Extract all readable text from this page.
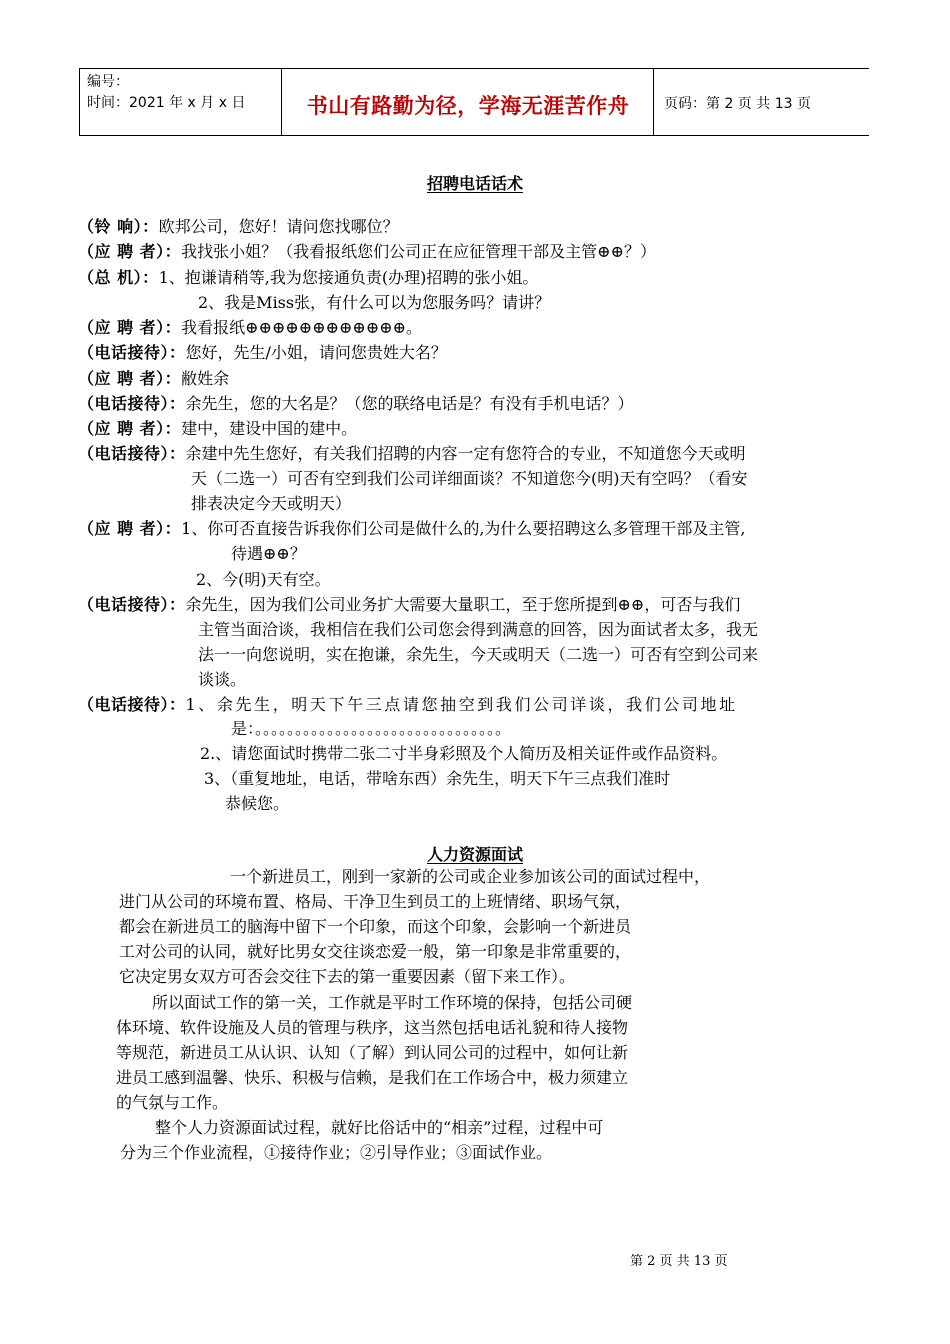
编号：
时间：2021 年 x 月 x 日	书山有路勤为径，学海无涯苦作舟	页码：第 2 页 共 13 页
招聘电话话术
（铃 响）：欧邦公司，您好！请问您找哪位？
（应 聘 者）：我找张小姐？（我看报纸您们公司正在应征管理干部及主管⊕⊕？）
（总 机）：1、抱谦请稍等,我为您接通负责(办理)招聘的张小姐。
2、我是Miss张，有什么可以为您服务吗？请讲？
（应 聘 者）：我看报纸⊕⊕⊕⊕⊕⊕⊕⊕⊕⊕⊕⊕。
（电话接待）：您好，先生/小姐，请问您贵姓大名？
（应 聘 者）：敝姓余
（电话接待）：余先生，您的大名是？（您的联络电话是？有没有手机电话？）
（应 聘 者）：建中，建设中国的建中。
（电话接待）：余建中先生您好，有关我们招聘的内容一定有您符合的专业，不知道您今天或明
天（二选一）可否有空到我们公司详细面谈？不知道您今(明)天有空吗？（看安
排表决定今天或明天）
（应 聘 者）：1、你可否直接告诉我你们公司是做什么的,为什么要招聘这么多管理干部及主管,
待遇⊕⊕？
2、今(明)天有空。
（电话接待）：余先生，因为我们公司业务扩大需要大量职工，至于您所提到⊕⊕，可否与我们
主管当面洽谈，我相信在我们公司您会得到满意的回答，因为面试者太多，我无
法一一向您说明，实在抱谦，余先生，今天或明天（二选一）可否有空到公司来
谈谈。
（电话接待）：1、余先生，明天下午三点请您抽空到我们公司详谈，我们公司地址
是：。。。。。。。。。。。。。。。。。。。。。。。。。。。。。。。
2.、请您面试时携带二张二寸半身彩照及个人简历及相关证件或作品资料。
3、（重复地址，电话，带啥东西）余先生，明天下午三点我们准时
恭候您。
人力资源面试
一个新进员工，刚到一家新的公司或企业参加该公司的面试过程中，
进门从公司的环境布置、格局、干净卫生到员工的上班情绪、职场气氛，
都会在新进员工的脑海中留下一个印象，而这个印象，会影响一个新进员
工对公司的认同，就好比男女交往谈恋爱一般，第一印象是非常重要的，
它决定男女双方可否会交往下去的第一重要因素（留下来工作）。
所以面试工作的第一关，工作就是平时工作环境的保持，包括公司硬
体环境、软件设施及人员的管理与秩序，这当然包括电话礼貌和待人接物
等规范，新进员工从认识、认知（了解）到认同公司的过程中，如何让新
进员工感到温馨、快乐、积极与信赖，是我们在工作场合中，极力须建立
的气氛与工作。
整个人力资源面试过程，就好比俗话中的“相亲”过程，过程中可
分为三个作业流程，①接待作业；②引导作业；③面试作业。
第 2 页 共 13 页
